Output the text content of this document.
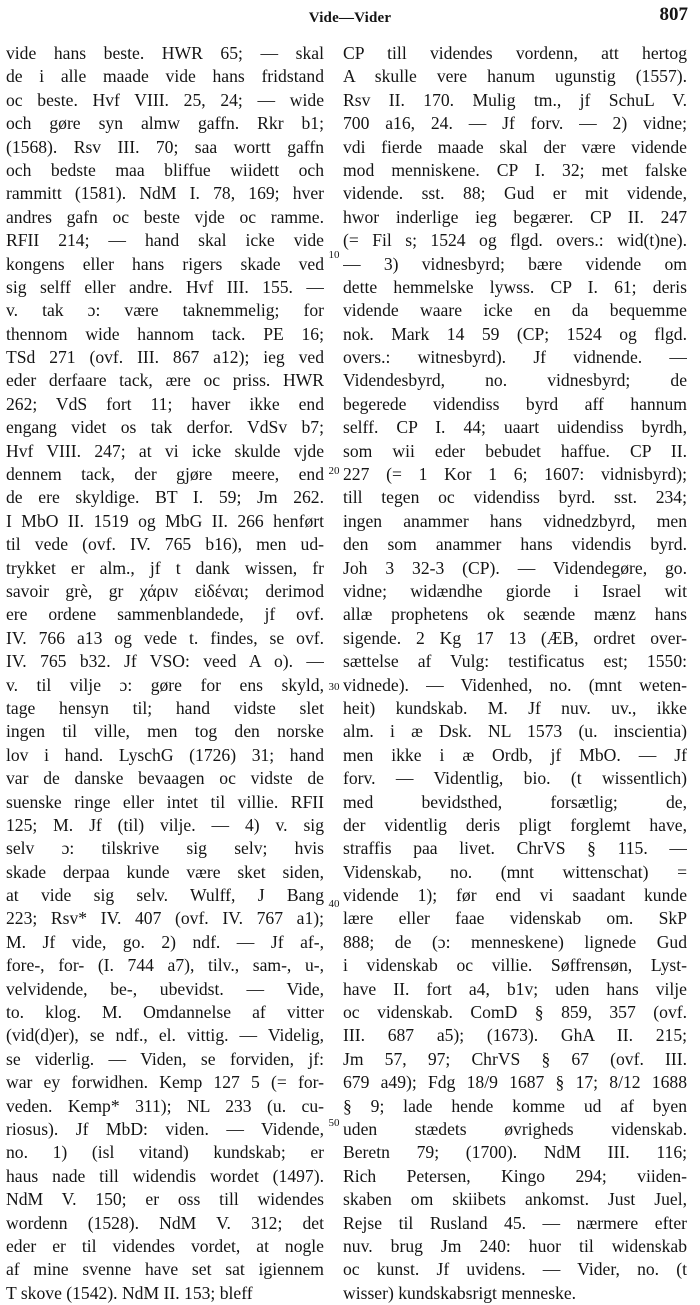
Vide—Vider	807
vide hans beste. HWR 65; — skal
de i alle maade vide hans fridstand
oc beste. Hvf VIII. 25, 24; — wide
och gøre syn almw gaffn. Rkr b1;
(1568). Rsv III. 70; saa wortt gaffn
och bedste maa bliffue wiidett och
rammitt (1581). NdM I. 78, 169; hver
andres gafn oc beste vjde oc ramme.
RFII 214; — hand skal icke vide
kongens eller hans rigers skade ved
sig selff eller andre. Hvf III. 155. —
v. tak ɔ: være taknemmelig; for
thennom wide hannom tack. PE 16;
TSd 271 (ovf. III. 867 a12); ieg ved
eder derfaare tack, ære oc priss. HWR
262; VdS fort 11; haver ikke end
engang videt os tak derfor. VdSv b7;
Hvf VIII. 247; at vi icke skulde vjde
dennem tack, der gjøre meere, end
de ere skyldige. BT I. 59; Jm 262.
I MbO II. 1519 og MbG II. 266 henført
til vede (ovf. IV. 765 b16), men ud-
trykket er alm., jf t dank wissen, fr
savoir grè, gr χάριν εἰδέναι; derimod
ere ordene sammenblandede, jf ovf.
IV. 766 a13 og vede t. findes, se ovf.
IV. 765 b32. Jf VSO: veed A o). —
v. til vilje ɔ: gøre for ens skyld,
tage hensyn til; hand vidste slet
ingen til ville, men tog den norske
lov i hand. LyschG (1726) 31; hand
var de danske bevaagen oc vidste de
suenske ringe eller intet til villie. RFII
125; M. Jf (til) vilje. — 4) v. sig
selv ɔ: tilskrive sig selv; hvis
skade derpaa kunde være sket siden,
at vide sig selv. Wulff, J Bang
223; Rsv* IV. 407 (ovf. IV. 767 a1);
M. Jf vide, go. 2) ndf. — Jf af-,
fore-, for- (I. 744 a7), tilv., sam-, u-,
velvidende, be-, ubevidst. — Vide,
to. klog. M. Omdannelse af vitter
(vid(d)er), se ndf., el. vittig. — Videlig,
se viderlig. — Viden, se forviden, jf:
war ey forwidhen. Kemp 127 5 (= for-
veden. Kemp* 311); NL 233 (u. cu-
riosus). Jf MbD: viden. — Vidende,
no. 1) (isl vitand) kundskab; er
haus nade till widendis wordet (1497).
NdM V. 150; er oss till widendes
wordenn (1528). NdM V. 312; det
eder er til videndes vordet, at nogle
af mine svenne have set sat igiennem
T skove (1542). NdM II. 153; bleff
10
20
30
40
50
CP till videndes vordenn, att hertog
A skulle vere hanum ugunstig (1557).
Rsv II. 170. Mulig tm., jf SchuL V.
700 a16, 24. — Jf forv. — 2) vidne;
vdi fierde maade skal der være vidende
mod menniskene. CP I. 32; met falske
vidende. sst. 88; Gud er mit vidende,
hwor inderlige ieg begærer. CP II. 247
(= Fil s; 1524 og flgd. overs.: wid(t)ne).
— 3) vidnesbyrd; bære vidende om
dette hemmelske lywss. CP I. 61; deris
vidende waare icke en da bequemme
nok. Mark 14 59 (CP; 1524 og flgd.
overs.: witnesbyrd). Jf vidnende. —
Videndesbyrd, no. vidnesbyrd; de
begerede videndiss byrd aff hannum
selff. CP I. 44; uaart uidendiss byrdh,
som wii eder bebudet haffue. CP II.
227 (= 1 Kor 1 6; 1607: vidnisbyrd);
till tegen oc videndiss byrd. sst. 234;
ingen anammer hans vidnedzbyrd, men
den som anammer hans videndis byrd.
Joh 3 32-3 (CP). — Videndegøre, go.
vidne; widændhe giorde i Israel wit
allæ prophetens ok seænde mænz hans
sigende. 2 Kg 17 13 (ÆB, ordret over-
sættelse af Vulg: testificatus est; 1550:
vidnede). — Videnhed, no. (mnt weten-
heit) kundskab. M. Jf nuv. uv., ikke
alm. i æ Dsk. NL 1573 (u. inscientia)
men ikke i æ Ordb, jf MbO. — Jf
forv. — Videntlig, bio. (t wissentlich)
med bevidsthed, forsætlig; de,
der videntlig deris pligt forglemt have,
straffis paa livet. ChrVS § 115. —
Videnskab, no. (mnt wittenschat) =
vidende 1); før end vi saadant kunde
lære eller faae videnskab om. SkP
888; de (ɔ: menneskene) lignede Gud
i videnskab oc villie. Søffrensøn, Lyst-
have II. fort a4, b1v; uden hans vilje
oc videnskab. ComD § 859, 357 (ovf.
III. 687 a5); (1673). GhA II. 215;
Jm 57, 97; ChrVS § 67 (ovf. III.
679 a49); Fdg 18/9 1687 § 17; 8/12 1688
§ 9; lade hende komme ud af byen
uden stædets øvrigheds videnskab.
Beretn 79; (1700). NdM III. 116;
Rich Petersen, Kingo 294; viiden-
skaben om skiibets ankomst. Just Juel,
Rejse til Rusland 45. — nærmere efter
nuv. brug Jm 240: huor til widenskab
oc kunst. Jf uvidens. — Vider, no. (t
wisser) kundskabsrigt menneske.
